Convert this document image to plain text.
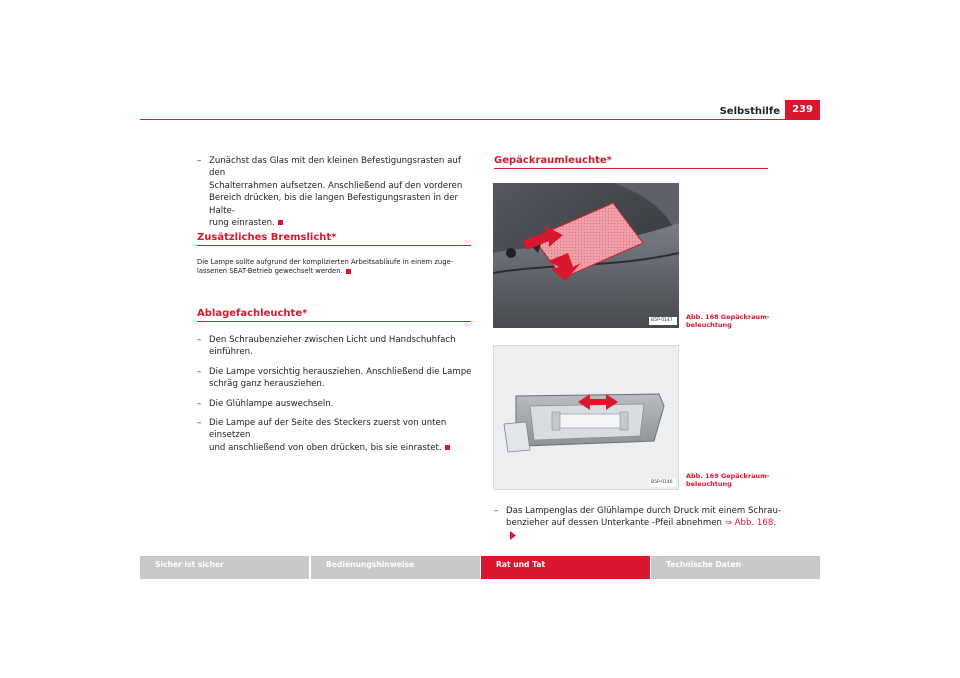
Selbsthilfe	239
– Zunächst das Glas mit den kleinen Befestigungsrasten auf den
Schalterrahmen aufsetzen. Anschließend auf den vorderen
Bereich drücken, bis die langen Befestigungsrasten in der Halte-
rung einrasten.
Zusätzliches Bremslicht*
Die Lampe sollte aufgrund der komplizierten Arbeitsabläufe in einem zuge-
lassenen SEAT-Betrieb gewechselt werden.
Ablagefachleuchte*
– Den Schraubenzieher zwischen Licht und Handschuhfach
einführen.
– Die Lampe vorsichtig herausziehen. Anschließend die Lampe
schräg ganz herausziehen.
– Die Glühlampe auswechseln.
– Die Lampe auf der Seite des Steckers zuerst von unten einsetzen
und anschließend von oben drücken, bis sie einrastet.
Gepäckraumleuchte*
B5P-0147 Abb. 168 Gepäckraum-
beleuchtung
B5P-0146
Abb. 169 Gepäckraum-
beleuchtung
– Das Lampenglas der Glühlampe durch Druck mit einem Schrau-
benzieher auf dessen Unterkante -Pfeil abnehmen ⇒ Abb. 168.
Sicher ist sicher	Bedienungshinweise	Rat und Tat	Technische Daten
